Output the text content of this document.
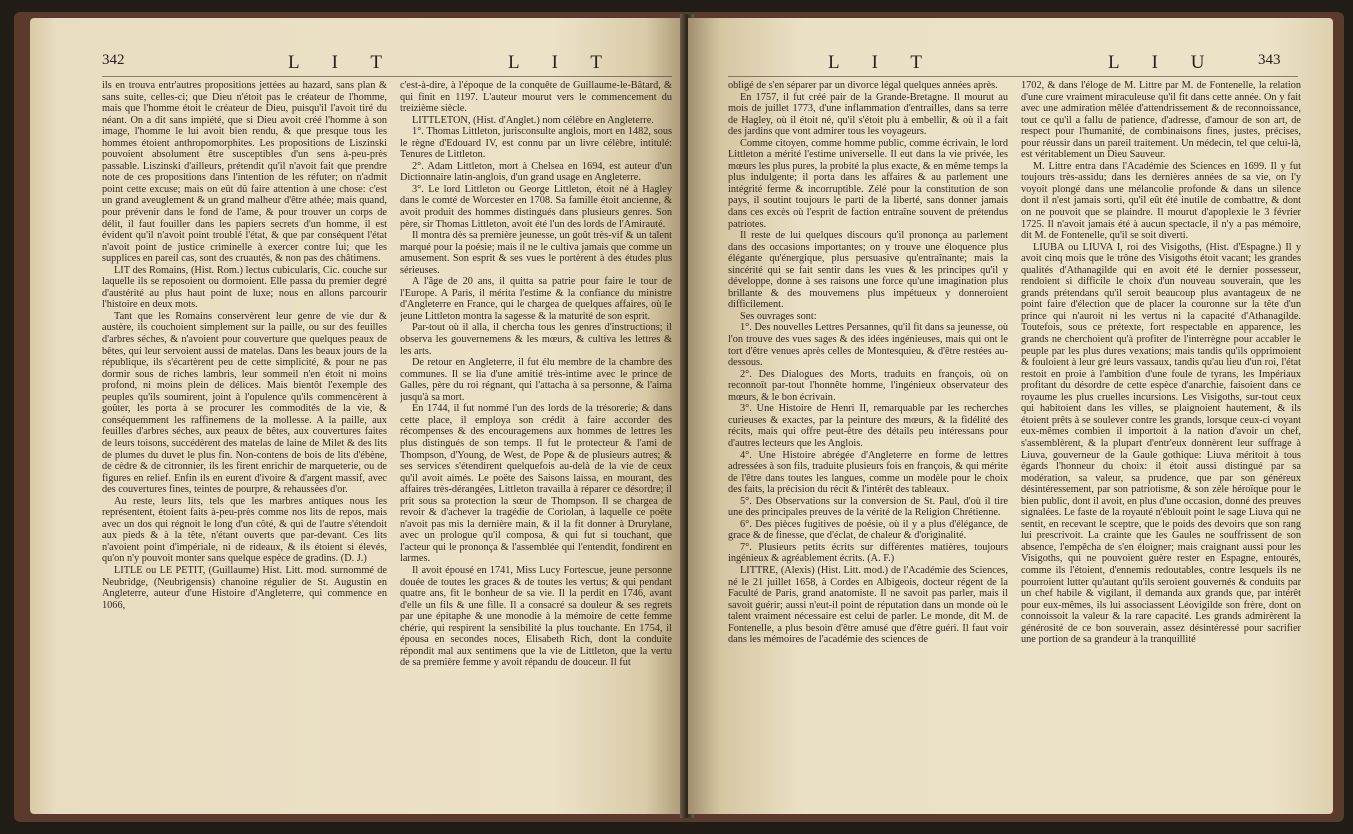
342	L I T	L I T

ils en trouva entr'autres propositions jettées au hazard, sans plan & sans suite, celles-ci; que Dieu n'étoit pas le créateur de l'homme, mais que l'homme étoit le créateur de Dieu, puisqu'il l'avoit tiré du néant. On a dit sans impiété, que si Dieu avoit créé l'homme à son image, l'homme le lui avoit bien rendu, & que presque tous les hommes étoient anthropomorphites. Les propositions de Liszinski pouvoient absolument être susceptibles d'un sens à-peu-près passable. Liszinski d'ailleurs, prétendit qu'il n'avoit fait que prendre note de ces propositions dans l'intention de les réfuter; on n'admit point cette excuse; mais on eût dû faire attention à une chose: c'est un grand aveuglement & un grand malheur d'être athée; mais quand, pour prévenir dans le fond de l'ame, & pour trouver un corps de délit, il faut fouiller dans les papiers secrets d'un homme, il est évident qu'il n'avoit point troublé l'état, & que par conséquent l'état n'avoit point de justice criminelle à exercer contre lui; que les supplices en pareil cas, sont des cruautés, & non pas des châtimens.

LIT des Romains, (Hist. Rom.) lectus cubicularis, Cic. couche sur laquelle ils se reposoient ou dormoient. Elle passa du premier degré d'austérité au plus haut point de luxe; nous en allons parcourir l'histoire en deux mots.

Tant que les Romains conservèrent leur genre de vie dur & austère, ils couchoient simplement sur la paille, ou sur des feuilles d'arbres séches, & n'avoient pour couverture que quelques peaux de bêtes, qui leur servoient aussi de matelas. Dans les beaux jours de la république, ils s'écartèrent peu de cette simplicité, & pour ne pas dormir sous de riches lambris, leur sommeil n'en étoit ni moins profond, ni moins plein de délices. Mais bientôt l'exemple des peuples qu'ils soumirent, joint à l'opulence qu'ils commencèrent à goûter, les porta à se procurer les commodités de la vie, & conséquemment les raffinemens de la mollesse. A la paille, aux feuilles d'arbres séches, aux peaux de bêtes, aux couvertures faites de leurs toisons, succédèrent des matelas de laine de Milet & des lits de plumes du duvet le plus fin. Non-contens de bois de lits d'ébène, de cèdre & de citronnier, ils les firent enrichir de marqueterie, ou de figures en relief. Enfin ils en eurent d'ivoire & d'argent massif, avec des couvertures fines, teintes de pourpre, & rehaussées d'or.

Au reste, leurs lits, tels que les marbres antiques nous les représentent, étoient faits à-peu-près comme nos lits de repos, mais avec un dos qui régnoit le long d'un côté, & qui de l'autre s'étendoit aux pieds & à la tête, n'étant ouverts que par-devant. Ces lits n'avoient point d'impériale, ni de rideaux, & ils étoient si élevés, qu'on n'y pouvoit monter sans quelque espèce de gradins. (D. J.)

LITLE ou LE PETIT, (Guillaume) Hist. Litt. mod. surnommé de Neubridge, (Neubrigensis) chanoine régulier de St. Augustin en Angleterre, auteur d'une Histoire d'Angleterre, qui commence en 1066,

c'est-à-dire, à l'époque de la conquête de Guillaume-le-Bâtard, & qui finit en 1197. L'auteur mourut vers le commencement du treizième siècle.

LITTLETON, (Hist. d'Anglet.) nom célèbre en Angleterre.

1°. Thomas Littleton, jurisconsulte anglois, mort en 1482, sous le règne d'Edouard IV, est connu par un livre célèbre, intitulé: Tenures de Littleton.

2°. Adam Littleton, mort à Chelsea en 1694, est auteur d'un Dictionnaire latin-anglois, d'un grand usage en Angleterre.

3°. Le lord Littleton ou George Littleton, étoit né à Hagley dans le comté de Worcester en 1708. Sa famille étoit ancienne, & avoit produit des hommes distingués dans plusieurs genres. Son père, sir Thomas Littleton, avoit été l'un des lords de l'Amirauté.

Il montra dès sa première jeunesse, un goût très-vif & un talent marqué pour la poésie; mais il ne le cultiva jamais que comme un amusement. Son esprit & ses vues le portèrent à des études plus sérieuses.

A l'âge de 20 ans, il quitta sa patrie pour faire le tour de l'Europe. A Paris, il mérita l'estime & la confiance du ministre d'Angleterre en France, qui le chargea de quelques affaires, où le jeune Littleton montra la sagesse & la maturité de son esprit.

Par-tout où il alla, il chercha tous les genres d'instructions; il observa les gouvernemens & les mœurs, & cultiva les lettres & les arts.

De retour en Angleterre, il fut élu membre de la chambre des communes. Il se lia d'une amitié très-intime avec le prince de Galles, père du roi régnant, qui l'attacha à sa personne, & l'aima jusqu'à sa mort.

En 1744, il fut nommé l'un des lords de la trésorerie; & dans cette place, il employa son crédit à faire accorder des récompenses & des encouragemens aux hommes de lettres les plus distingués de son temps. Il fut le protecteur & l'ami de Thompson, d'Young, de West, de Pope & de plusieurs autres; & ses services s'étendirent quelquefois au-delà de la vie de ceux qu'il avoit aimés. Le poëte des Saisons laissa, en mourant, des affaires très-dérangées, Littleton travailla à réparer ce désordre; il prit sous sa protection la sœur de Thompson. Il se chargea de revoir & d'achever la tragédie de Coriolan, à laquelle ce poëte n'avoit pas mis la dernière main, & il la fit donner à Drurylane, avec un prologue qu'il composa, & qui fut si touchant, que l'acteur qui le prononça & l'assemblée qui l'entendit, fondirent en larmes.

Il avoit épousé en 1741, Miss Lucy Fortescue, jeune personne douée de toutes les graces & de toutes les vertus; & qui pendant quatre ans, fit le bonheur de sa vie. Il la perdit en 1746, avant d'elle un fils & une fille. Il a consacré sa douleur & ses regrets par une épitaphe & une monodie à la mémoire de cette femme chérie, qui respirent la sensibilité la plus touchante. En 1754, il épousa en secondes noces, Elisabeth Rich, dont la conduite répondit mal aux sentimens que la vie de Littleton, que la vertu de sa première femme y avoit répandu de douceur. Il fut

L I T	L I U	343

obligé de s'en séparer par un divorce légal quelques années après.

En 1757, il fut créé pair de la Grande-Bretagne. Il mourut au mois de juillet 1773, d'une inflammation d'entrailles, dans sa terre de Hagley, où il étoit né, qu'il s'étoit plu à embellir, & où il a fait des jardins que vont admirer tous les voyageurs.

Comme citoyen, comme homme public, comme écrivain, le lord Littleton a mérité l'estime universelle. Il eut dans la vie privée, les mœurs les plus pures, la probité la plus exacte, & en même temps la plus indulgente; il porta dans les affaires & au parlement une intégrité ferme & incorruptible. Zélé pour la constitution de son pays, il soutint toujours le parti de la liberté, sans donner jamais dans ces excès où l'esprit de faction entraîne souvent de prétendus patriotes.

Il reste de lui quelques discours qu'il prononça au parlement dans des occasions importantes; on y trouve une éloquence plus élégante qu'énergique, plus persuasive qu'entraînante; mais la sincérité qui se fait sentir dans les vues & les principes qu'il y développe, donne à ses raisons une force qu'une imagination plus brillante & des mouvemens plus impétueux y donneroient difficilement.

Ses ouvrages sont:

1°. Des nouvelles Lettres Persannes, qu'il fit dans sa jeunesse, où l'on trouve des vues sages & des idées ingénieuses, mais qui ont le tort d'être venues après celles de Montesquieu, & d'être restées au-dessous.

2°. Des Dialogues des Morts, traduits en françois, où on reconnoît par-tout l'honnête homme, l'ingénieux observateur des mœurs, & le bon écrivain.

3°. Une Histoire de Henri II, remarquable par les recherches curieuses & exactes, par la peinture des mœurs, & la fidélité des récits, mais qui offre peut-être des détails peu intéressans pour d'autres lecteurs que les Anglois.

4°. Une Histoire abrégée d'Angleterre en forme de lettres adressées à son fils, traduite plusieurs fois en françois, & qui mérite de l'être dans toutes les langues, comme un modèle pour le choix des faits, la précision du récit & l'intérêt des tableaux.

5°. Des Observations sur la conversion de St. Paul, d'où il tire une des principales preuves de la vérité de la Religion Chrétienne.

6°. Des pièces fugitives de poésie, où il y a plus d'élégance, de grace & de finesse, que d'éclat, de chaleur & d'originalité.

7°. Plusieurs petits écrits sur différentes matières, toujours ingénieux & agréablement écrits. (A. F.)

LITTRE, (Alexis) (Hist. Litt. mod.) de l'Académie des Sciences, né le 21 juillet 1658, à Cordes en Albigeois, docteur régent de la Faculté de Paris, grand anatomiste. Il ne savoit pas parler, mais il savoit guérir; aussi n'eut-il point de réputation dans un monde où le talent vraiment nécessaire est celui de parler. Le monde, dit M. de Fontenelle, a plus besoin d'être amusé que d'être guéri. Il faut voir dans les mémoires de l'académie des sciences de

1702, & dans l'éloge de M. Littre par M. de Fontenelle, la relation d'une cure vraiment miraculeuse qu'il fit dans cette année. On y fait avec une admiration mêlée d'attendrissement & de reconnoissance, tout ce qu'il a fallu de patience, d'adresse, d'amour de son art, de respect pour l'humanité, de combinaisons fines, justes, précises, pour réussir dans un pareil traitement. Un médecin, tel que celui-là, est véritablement un Dieu Sauveur.

M. Littre entra dans l'Académie des Sciences en 1699. Il y fut toujours très-assidu; dans les dernières années de sa vie, on l'y voyoit plongé dans une mélancolie profonde & dans un silence dont il n'est jamais sorti, qu'il eût été inutile de combattre, & dont on ne pouvoit que se plaindre. Il mourut d'apoplexie le 3 février 1725. Il n'avoit jamais été à aucun spectacle, il n'y a pas mémoire, dit M. de Fontenelle, qu'il se soit diverti.

LIUBA ou LIUVA I, roi des Visigoths, (Hist. d'Espagne.) Il y avoit cinq mois que le trône des Visigoths étoit vacant; les grandes qualités d'Athanagilde qui en avoit été le dernier possesseur, rendoient si difficile le choix d'un nouveau souverain, que les grands prétendans qu'il seroit beaucoup plus avantageux de ne point faire d'élection que de placer la couronne sur la tête d'un prince qui n'auroit ni les vertus ni la capacité d'Athanagilde. Toutefois, sous ce prétexte, fort respectable en apparence, les grands ne cherchoient qu'à profiter de l'interrègne pour accabler le peuple par les plus dures vexations; mais tandis qu'ils opprimoient & fouloient à leur gré leurs vassaux, tandis qu'au lieu d'un roi, l'état restoit en proie à l'ambition d'une foule de tyrans, les Impériaux profitant du désordre de cette espèce d'anarchie, faisoient dans ce royaume les plus cruelles incursions. Les Visigoths, sur-tout ceux qui habitoient dans les villes, se plaignoient hautement, & ils étoient prêts à se soulever contre les grands, lorsque ceux-ci voyant eux-mêmes combien il importoit à la nation d'avoir un chef, s'assemblèrent, & la plupart d'entr'eux donnèrent leur suffrage à Liuva, gouverneur de la Gaule gothique: Liuva méritoit à tous égards l'honneur du choix: il étoit aussi distingué par sa modération, sa valeur, sa prudence, que par son généreux désintéressement, par son patriotisme, & son zèle héroïque pour le bien public, dont il avoit, en plus d'une occasion, donné des preuves signalées. Le faste de la royauté n'éblouit point le sage Liuva qui ne sentit, en recevant le sceptre, que le poids des devoirs que son rang lui prescrivoit. La crainte que les Gaules ne souffrissent de son absence, l'empêcha de s'en éloigner; mais craignant aussi pour les Visigoths, qui ne pouvoient guère rester en Espagne, entourés, comme ils l'étoient, d'ennemis redoutables, contre lesquels ils ne pourroient lutter qu'autant qu'ils seroient gouvernés & conduits par un chef habile & vigilant, il demanda aux grands que, par intérêt pour eux-mêmes, ils lui associassent Léovigilde son frère, dont on connoissoit la valeur & la rare capacité. Les grands admirèrent la générosité de ce bon souverain, assez désintéressé pour sacrifier une portion de sa grandeur à la tranquillité
